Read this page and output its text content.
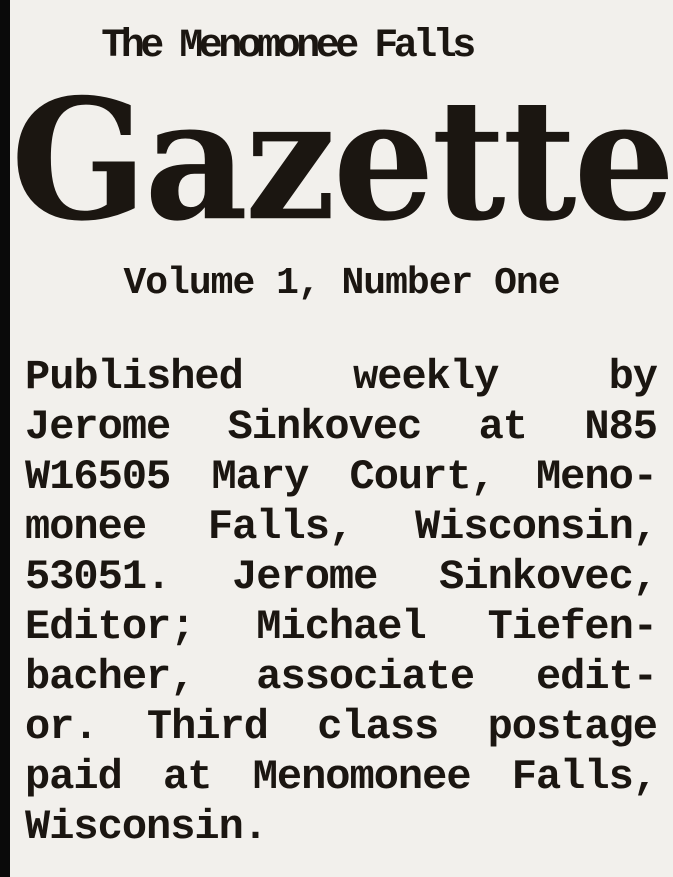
The Menomonee Falls
Gazette
Volume 1, Number One
Published weekly by
Jerome Sinkovec at N85
W16505 Mary Court, Meno-
monee Falls, Wisconsin,
53051. Jerome Sinkovec,
Editor; Michael Tiefen-
bacher, associate edit-
or. Third class postage
paid at Menomonee Falls,
Wisconsin.
